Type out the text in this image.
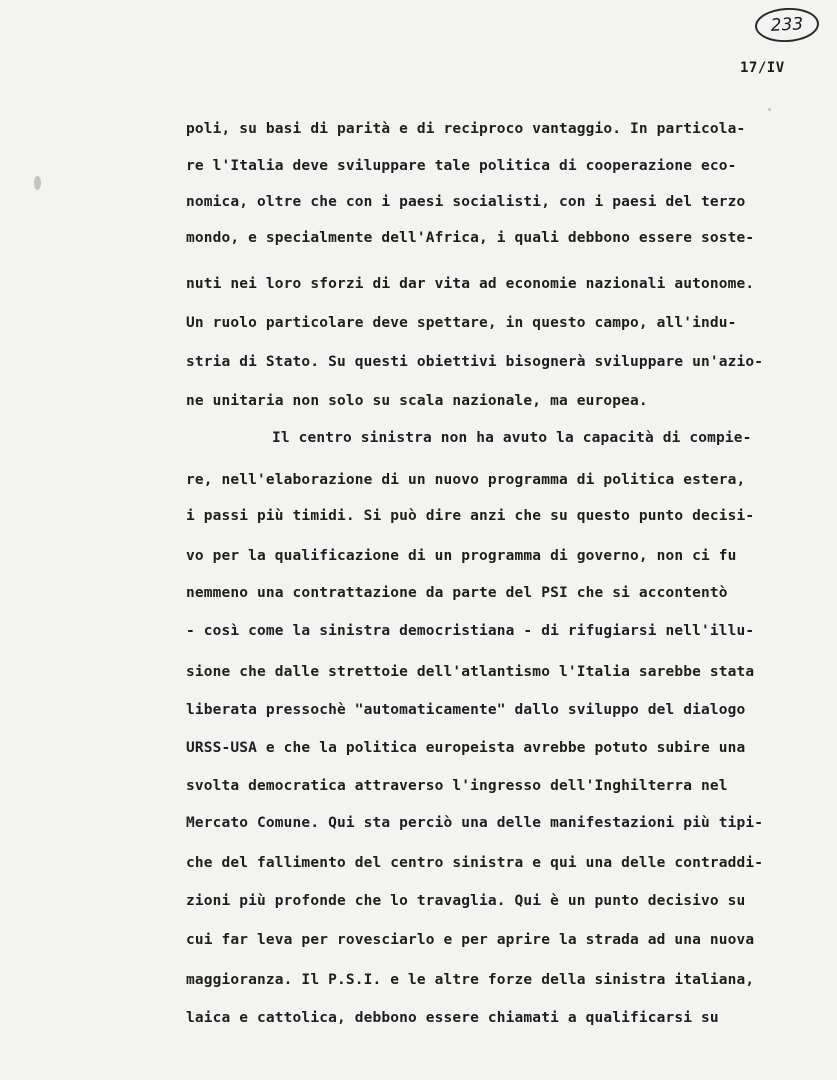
233
17/IV
poli, su basi di parità e di reciproco vantaggio. In particola-
re l'Italia deve sviluppare tale politica di cooperazione eco-
nomica, oltre che con i paesi socialisti, con i paesi del terzo
mondo, e specialmente dell'Africa, i quali debbono essere soste-
nuti nei loro sforzi di dar vita ad economie nazionali autonome.
Un ruolo particolare deve spettare, in questo campo, all'indu-
stria di Stato. Su questi obiettivi bisognerà sviluppare un'azio-
ne unitaria non solo su scala nazionale, ma europea.
Il centro sinistra non ha avuto la capacità di compie-
re, nell'elaborazione di un nuovo programma di politica estera,
i passi più timidi. Si può dire anzi che su questo punto decisi-
vo per la qualificazione di un programma di governo, non ci fu
nemmeno una contrattazione da parte del PSI che si accontentò
- così come la sinistra democristiana - di rifugiarsi nell'illu-
sione che dalle strettoie dell'atlantismo l'Italia sarebbe stata
liberata pressochè "automaticamente" dallo sviluppo del dialogo
URSS-USA e che la politica europeista avrebbe potuto subire una
svolta democratica attraverso l'ingresso dell'Inghilterra nel
Mercato Comune. Qui sta perciò una delle manifestazioni più tipi-
che del fallimento del centro sinistra e qui una delle contraddi-
zioni più profonde che lo travaglia. Qui è un punto decisivo su
cui far leva per rovesciarlo e per aprire la strada ad una nuova
maggioranza. Il P.S.I. e le altre forze della sinistra italiana,
laica e cattolica, debbono essere chiamati a qualificarsi su
